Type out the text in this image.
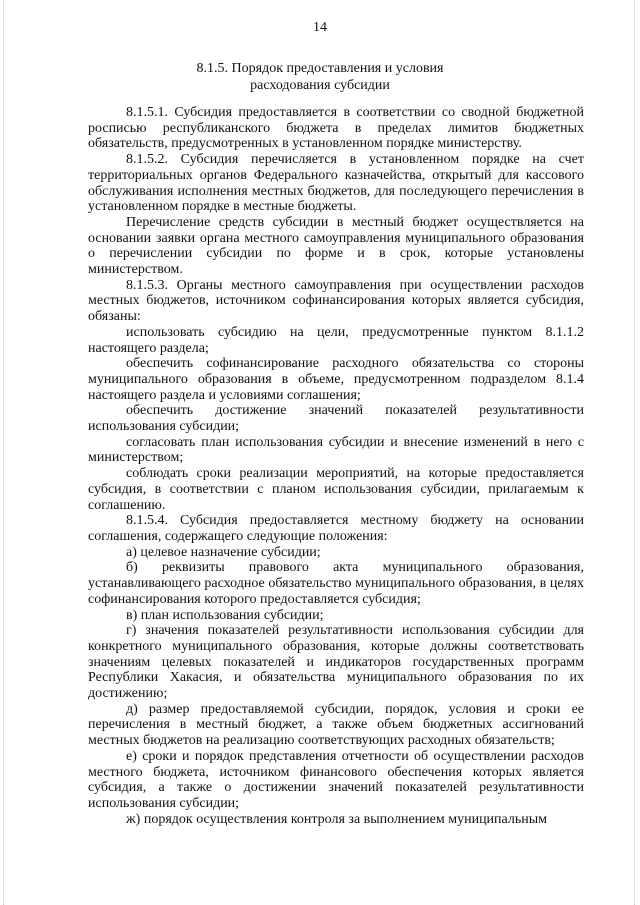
14
8.1.5. Порядок предоставления и условия
расходования субсидии

8.1.5.1. Субсидия предоставляется в соответствии со сводной бюджетной росписью республиканского бюджета в пределах лимитов бюджетных обязательств, предусмотренных в установленном порядке министерству.

8.1.5.2. Субсидия перечисляется в установленном порядке на счет территориальных органов Федерального казначейства, открытый для кассового обслуживания исполнения местных бюджетов, для последующего перечисления в установленном порядке в местные бюджеты.

Перечисление средств субсидии в местный бюджет осуществляется на основании заявки органа местного самоуправления муниципального образования о перечислении субсидии по форме и в срок, которые установлены министерством.

8.1.5.3. Органы местного самоуправления при осуществлении расходов местных бюджетов, источником софинансирования которых является субсидия, обязаны:

использовать субсидию на цели, предусмотренные пунктом 8.1.1.2 настоящего раздела;

обеспечить софинансирование расходного обязательства со стороны муниципального образования в объеме, предусмотренном подразделом 8.1.4 настоящего раздела и условиями соглашения;

обеспечить достижение значений показателей результативности использования субсидии;

согласовать план использования субсидии и внесение изменений в него с министерством;

соблюдать сроки реализации мероприятий, на которые предоставляется субсидия, в соответствии с планом использования субсидии, прилагаемым к соглашению.

8.1.5.4. Субсидия предоставляется местному бюджету на основании соглашения, содержащего следующие положения:

а) целевое назначение субсидии;

б) реквизиты правового акта муниципального образования, устанавливающего расходное обязательство муниципального образования, в целях софинансирования которого предоставляется субсидия;

в) план использования субсидии;

г) значения показателей результативности использования субсидии для конкретного муниципального образования, которые должны соответствовать значениям целевых показателей и индикаторов государственных программ Республики Хакасия, и обязательства муниципального образования по их достижению;

д) размер предоставляемой субсидии, порядок, условия и сроки ее перечисления в местный бюджет, а также объем бюджетных ассигнований местных бюджетов на реализацию соответствующих расходных обязательств;

е) сроки и порядок представления отчетности об осуществлении расходов местного бюджета, источником финансового обеспечения которых является субсидия, а также о достижении значений показателей результативности использования субсидии;

ж) порядок осуществления контроля за выполнением муниципальным
